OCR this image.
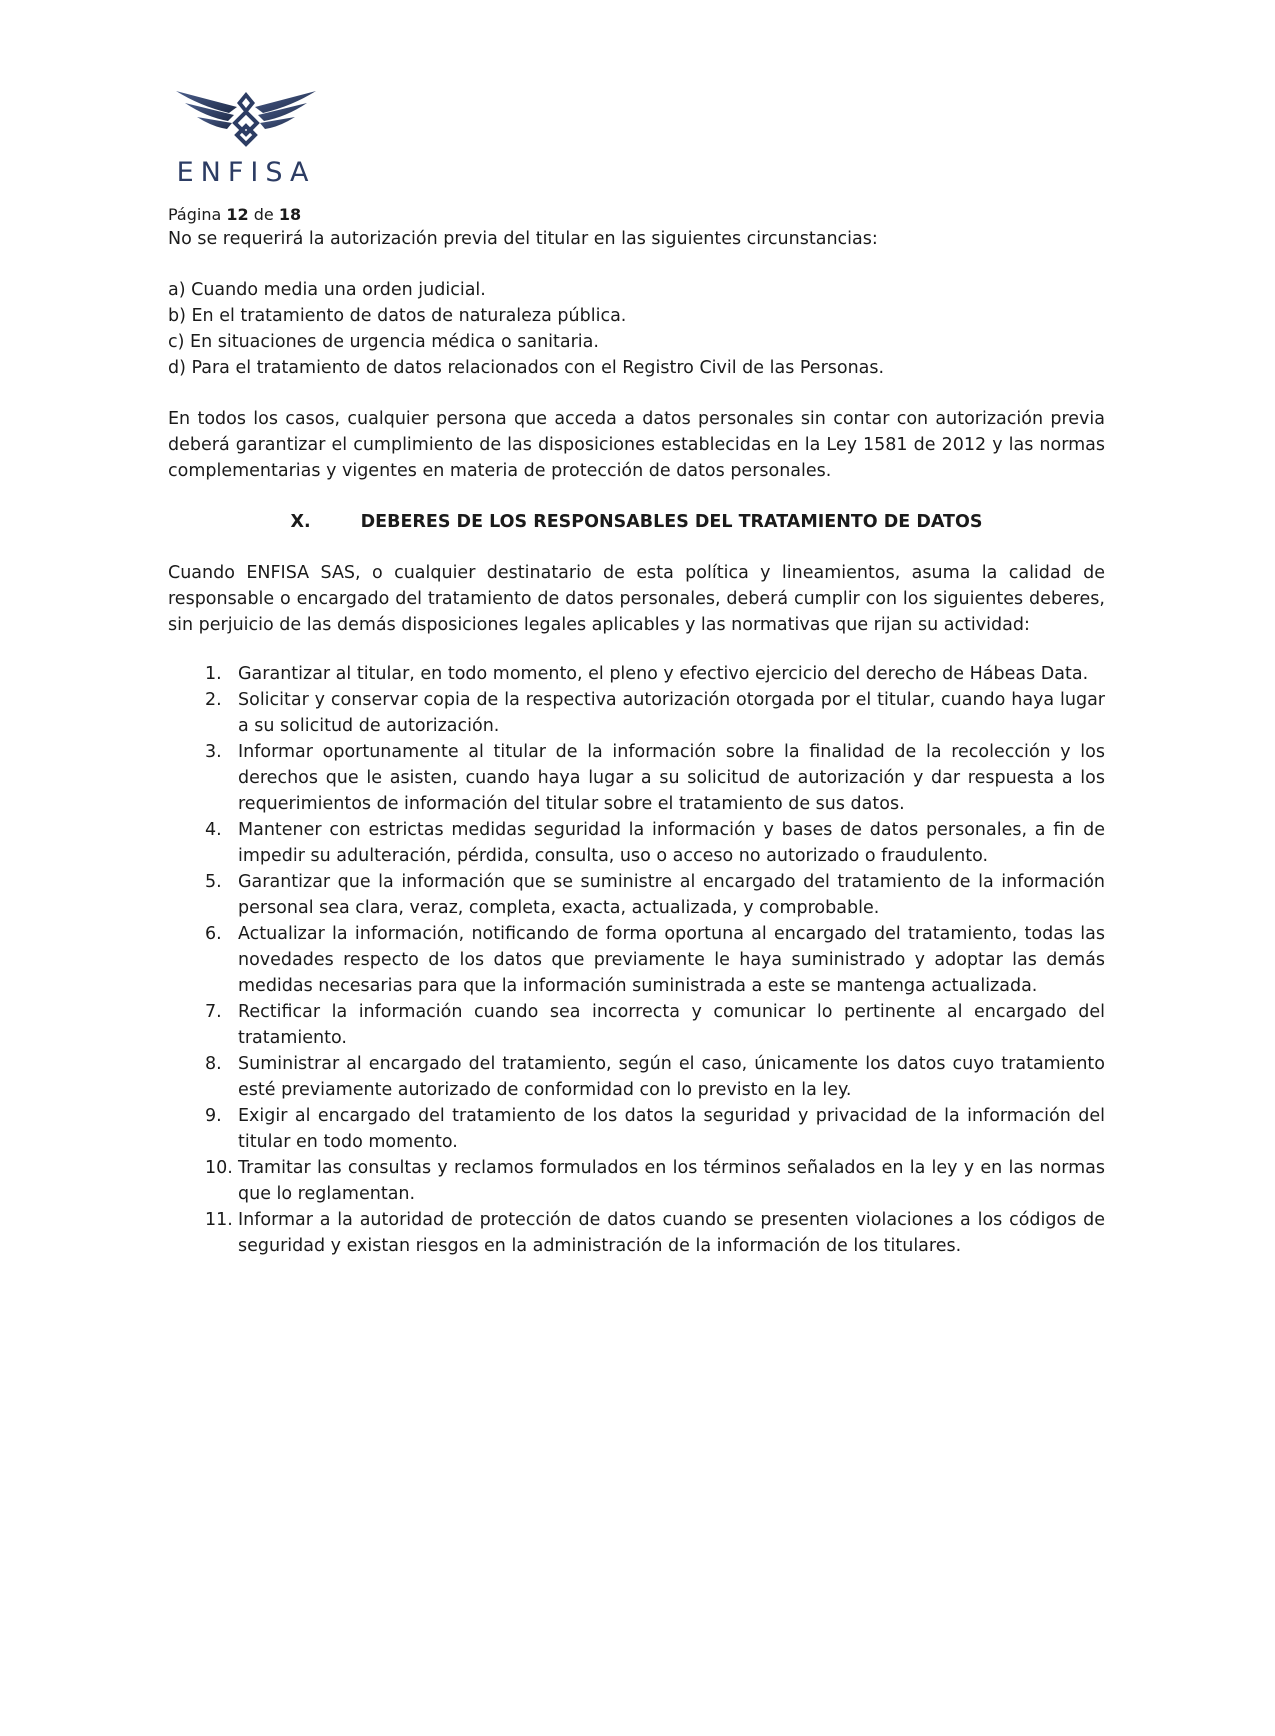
ENFISA
Página 12 de 18
No se requerirá la autorización previa del titular en las siguientes circunstancias:
a) Cuando media una orden judicial.
b) En el tratamiento de datos de naturaleza pública.
c) En situaciones de urgencia médica o sanitaria.
d) Para el tratamiento de datos relacionados con el Registro Civil de las Personas.

En todos los casos, cualquier persona que acceda a datos personales sin contar con autorización previa deberá garantizar el cumplimiento de las disposiciones establecidas en la Ley 1581 de 2012 y las normas complementarias y vigentes en materia de protección de datos personales.

X.	DEBERES DE LOS RESPONSABLES DEL TRATAMIENTO DE DATOS

Cuando ENFISA SAS, o cualquier destinatario de esta política y lineamientos, asuma la calidad de responsable o encargado del tratamiento de datos personales, deberá cumplir con los siguientes deberes, sin perjuicio de las demás disposiciones legales aplicables y las normativas que rijan su actividad:

1. Garantizar al titular, en todo momento, el pleno y efectivo ejercicio del derecho de Hábeas Data.
2. Solicitar y conservar copia de la respectiva autorización otorgada por el titular, cuando haya lugar a su solicitud de autorización.
3. Informar oportunamente al titular de la información sobre la finalidad de la recolección y los derechos que le asisten, cuando haya lugar a su solicitud de autorización y dar respuesta a los requerimientos de información del titular sobre el tratamiento de sus datos.
4. Mantener con estrictas medidas seguridad la información y bases de datos personales, a fin de impedir su adulteración, pérdida, consulta, uso o acceso no autorizado o fraudulento.
5. Garantizar que la información que se suministre al encargado del tratamiento de la información personal sea clara, veraz, completa, exacta, actualizada, y comprobable.
6. Actualizar la información, notificando de forma oportuna al encargado del tratamiento, todas las novedades respecto de los datos que previamente le haya suministrado y adoptar las demás medidas necesarias para que la información suministrada a este se mantenga actualizada.
7. Rectificar la información cuando sea incorrecta y comunicar lo pertinente al encargado del tratamiento.
8. Suministrar al encargado del tratamiento, según el caso, únicamente los datos cuyo tratamiento esté previamente autorizado de conformidad con lo previsto en la ley.
9. Exigir al encargado del tratamiento de los datos la seguridad y privacidad de la información del titular en todo momento.
10. Tramitar las consultas y reclamos formulados en los términos señalados en la ley y en las normas que lo reglamentan.
11. Informar a la autoridad de protección de datos cuando se presenten violaciones a los códigos de seguridad y existan riesgos en la administración de la información de los titulares.
